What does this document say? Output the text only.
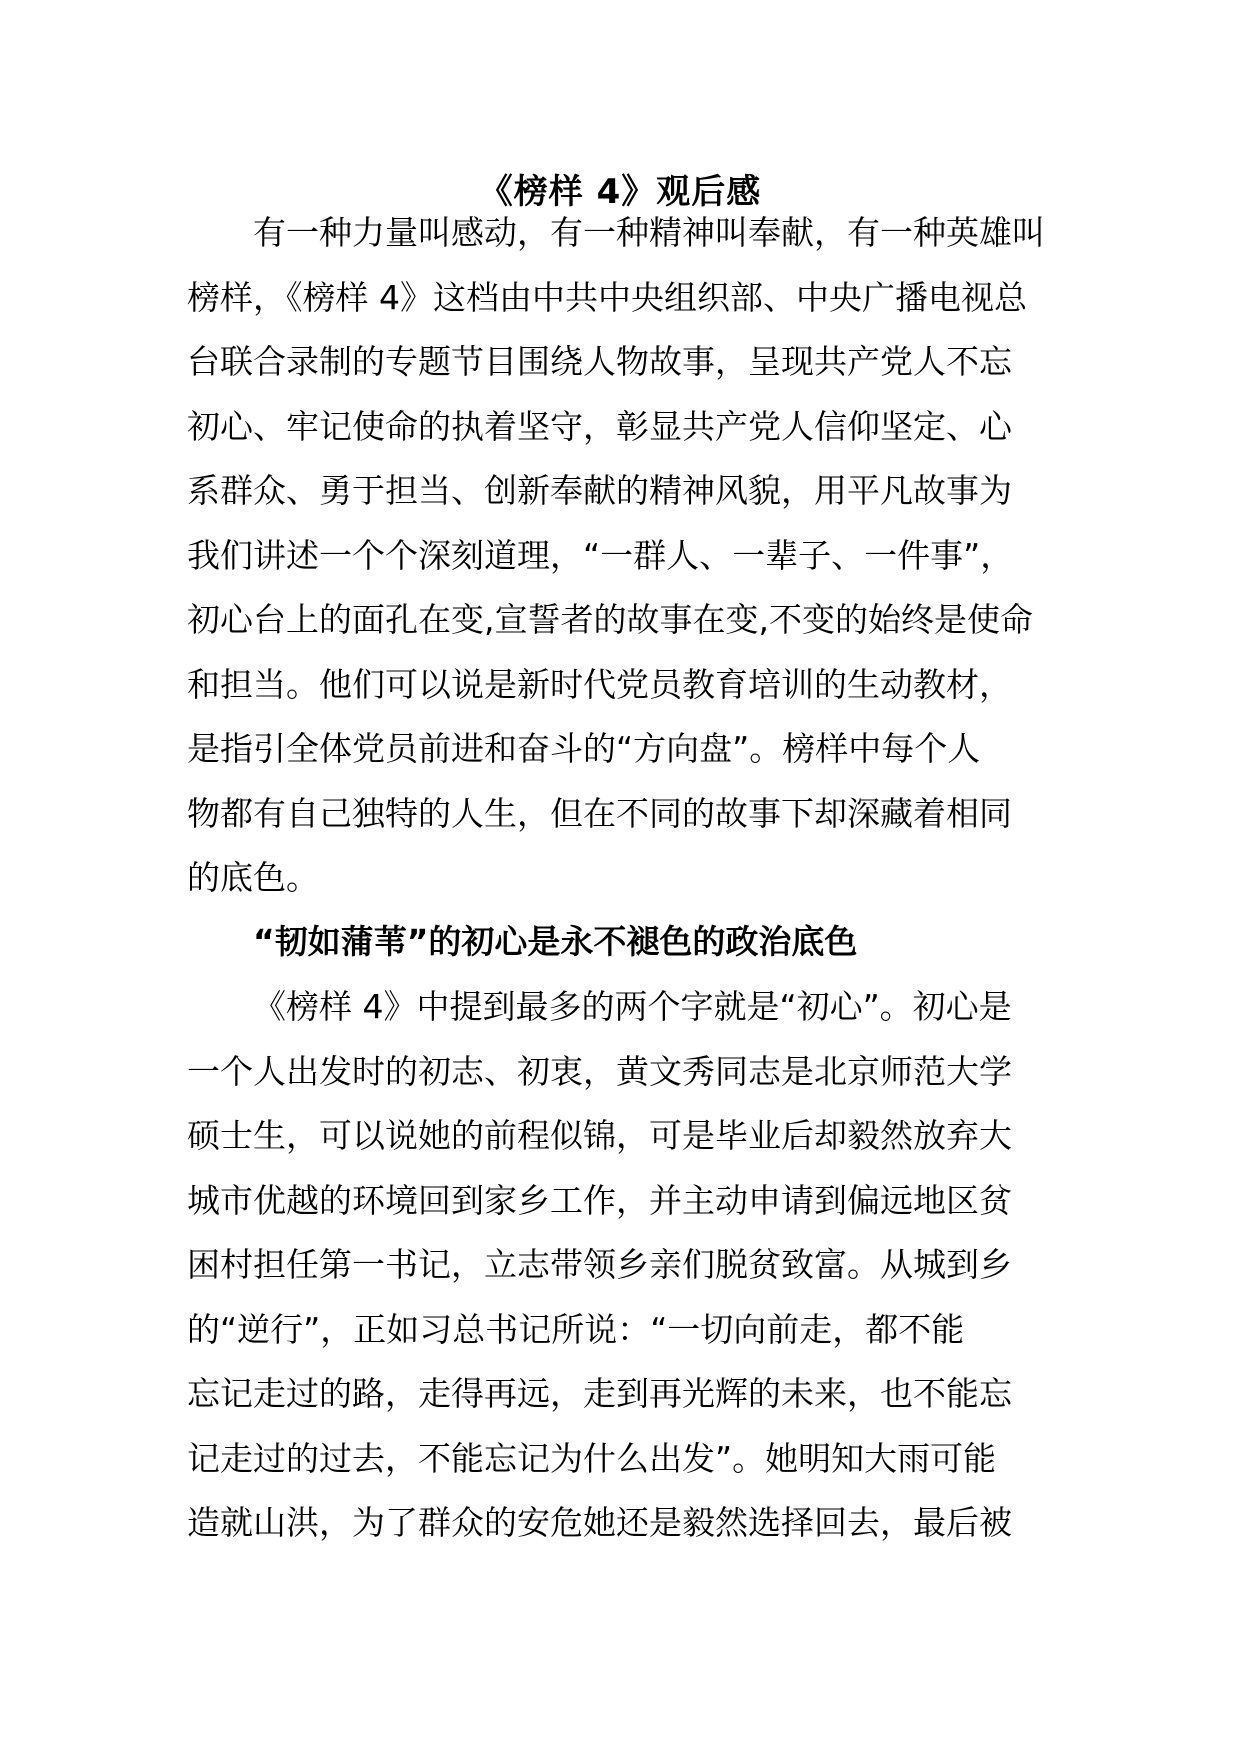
《榜样 4》观后感
有一种力量叫感动，有一种精神叫奉献，有一种英雄叫
榜样，《榜样 4》这档由中共中央组织部、中央广播电视总
台联合录制的专题节目围绕人物故事，呈现共产党人不忘
初心、牢记使命的执着坚守，彰显共产党人信仰坚定、心
系群众、勇于担当、创新奉献的精神风貌，用平凡故事为
我们讲述一个个深刻道理，“一群人、一辈子、一件事”，
初心台上的面孔在变,宣誓者的故事在变,不变的始终是使命
和担当。他们可以说是新时代党员教育培训的生动教材，
是指引全体党员前进和奋斗的“方向盘”。榜样中每个人
物都有自己独特的人生，但在不同的故事下却深藏着相同
的底色。
“韧如蒲苇”的初心是永不褪色的政治底色
《榜样 4》中提到最多的两个字就是“初心”。初心是
一个人出发时的初志、初衷，黄文秀同志是北京师范大学
硕士生，可以说她的前程似锦，可是毕业后却毅然放弃大
城市优越的环境回到家乡工作，并主动申请到偏远地区贫
困村担任第一书记，立志带领乡亲们脱贫致富。从城到乡
的“逆行”，正如习总书记所说：“一切向前走，都不能
忘记走过的路，走得再远，走到再光辉的未来，也不能忘
记走过的过去，不能忘记为什么出发”。她明知大雨可能
造就山洪，为了群众的安危她还是毅然选择回去，最后被
